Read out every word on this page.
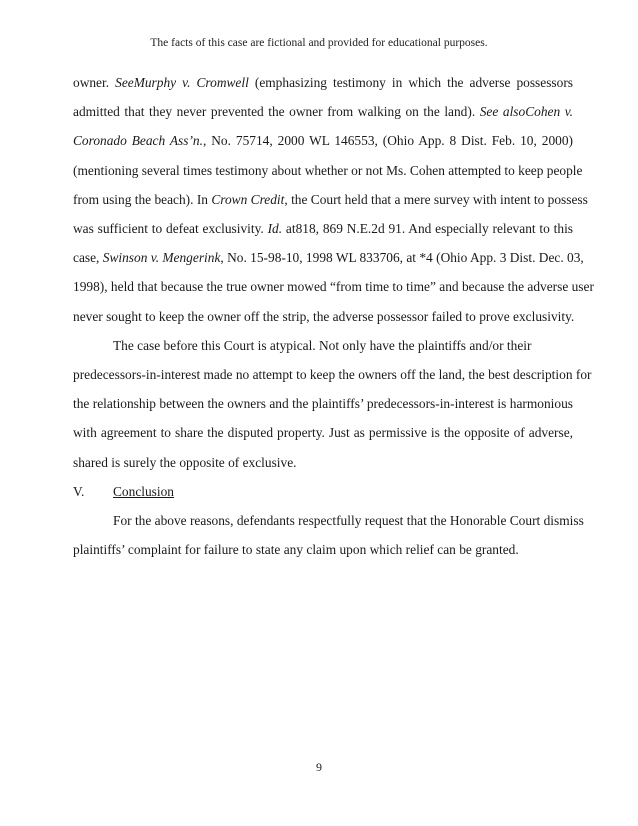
The facts of this case are fictional and provided for educational purposes.
owner. SeeMurphy v. Cromwell (emphasizing testimony in which the adverse possessors
admitted that they never prevented the owner from walking on the land). See alsoCohen v.
Coronado Beach Ass’n., No. 75714, 2000 WL 146553, (Ohio App. 8 Dist. Feb. 10, 2000)
(mentioning several times testimony about whether or not Ms. Cohen attempted to keep people
from using the beach). In Crown Credit, the Court held that a mere survey with intent to possess
was sufficient to defeat exclusivity. Id. at818, 869 N.E.2d 91. And especially relevant to this
case, Swinson v. Mengerink, No. 15-98-10, 1998 WL 833706, at *4 (Ohio App. 3 Dist. Dec. 03,
1998), held that because the true owner mowed “from time to time” and because the adverse user
never sought to keep the owner off the strip, the adverse possessor failed to prove exclusivity.
The case before this Court is atypical. Not only have the plaintiffs and/or their
predecessors-in-interest made no attempt to keep the owners off the land, the best description for
the relationship between the owners and the plaintiffs’ predecessors-in-interest is harmonious
with agreement to share the disputed property. Just as permissive is the opposite of adverse,
shared is surely the opposite of exclusive.
V. Conclusion
For the above reasons, defendants respectfully request that the Honorable Court dismiss
plaintiffs’ complaint for failure to state any claim upon which relief can be granted.
9
